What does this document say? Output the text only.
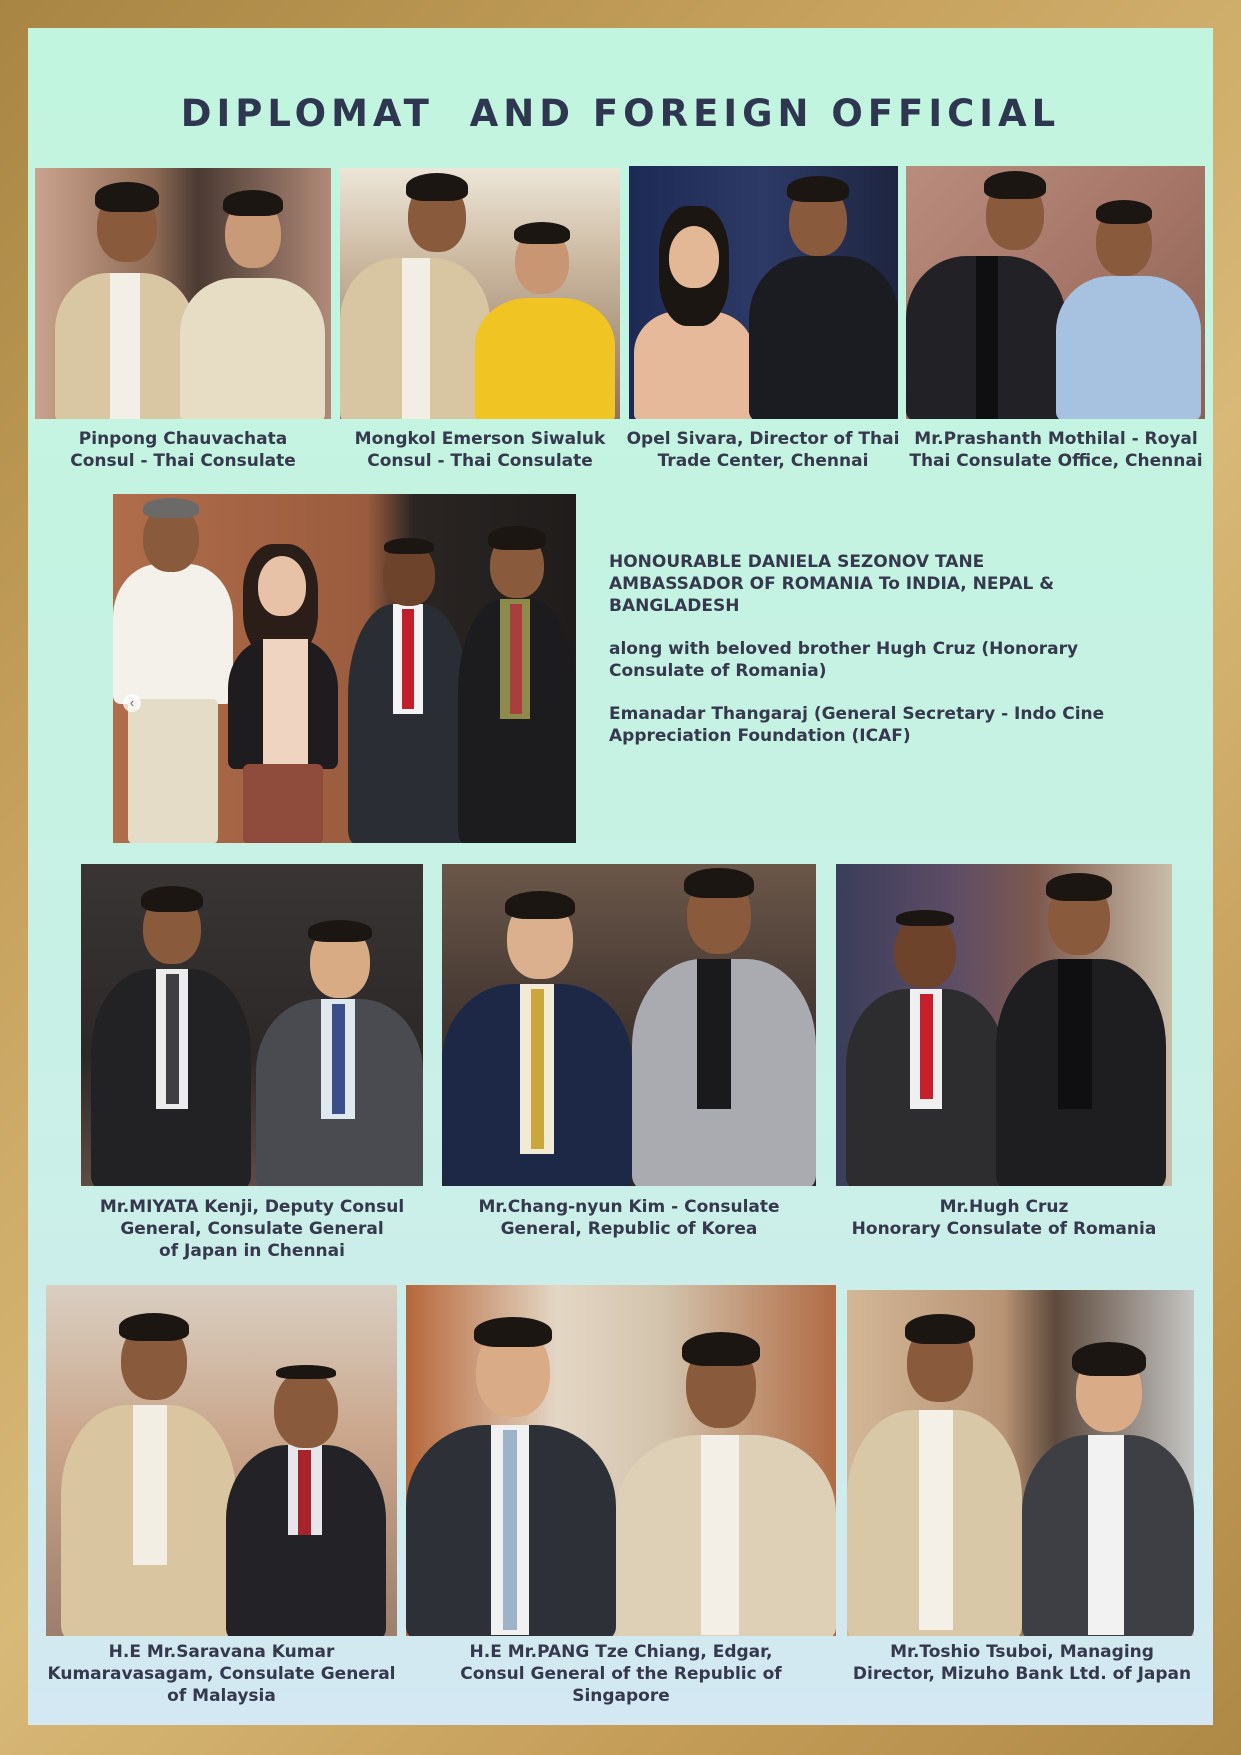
DIPLOMAT  AND FOREIGN OFFICIAL
Pinpong Chauvachata
Consul - Thai Consulate
Mongkol Emerson Siwaluk
Consul - Thai Consulate
Opel Sivara, Director of Thai
Trade Center, Chennai
Mr.Prashanth Mothilal - Royal
Thai Consulate Office, Chennai
‹

HONOURABLE DANIELA SEZONOV TANE
AMBASSADOR OF ROMANIA To INDIA, NEPAL &
BANGLADESH

along with beloved brother Hugh Cruz (Honorary Consulate of Romania)

Emanadar Thangaraj (General Secretary - Indo Cine Appreciation Foundation (ICAF)

Mr.MIYATA Kenji, Deputy Consul
General, Consulate General
of Japan in Chennai
Mr.Chang-nyun Kim - Consulate
General, Republic of Korea
Mr.Hugh Cruz
Honorary Consulate of Romania
H.E Mr.Saravana Kumar
Kumaravasagam, Consulate General
of Malaysia
H.E Mr.PANG Tze Chiang, Edgar,
Consul General of the Republic of
Singapore
Mr.Toshio Tsuboi, Managing
Director, Mizuho Bank Ltd. of Japan
